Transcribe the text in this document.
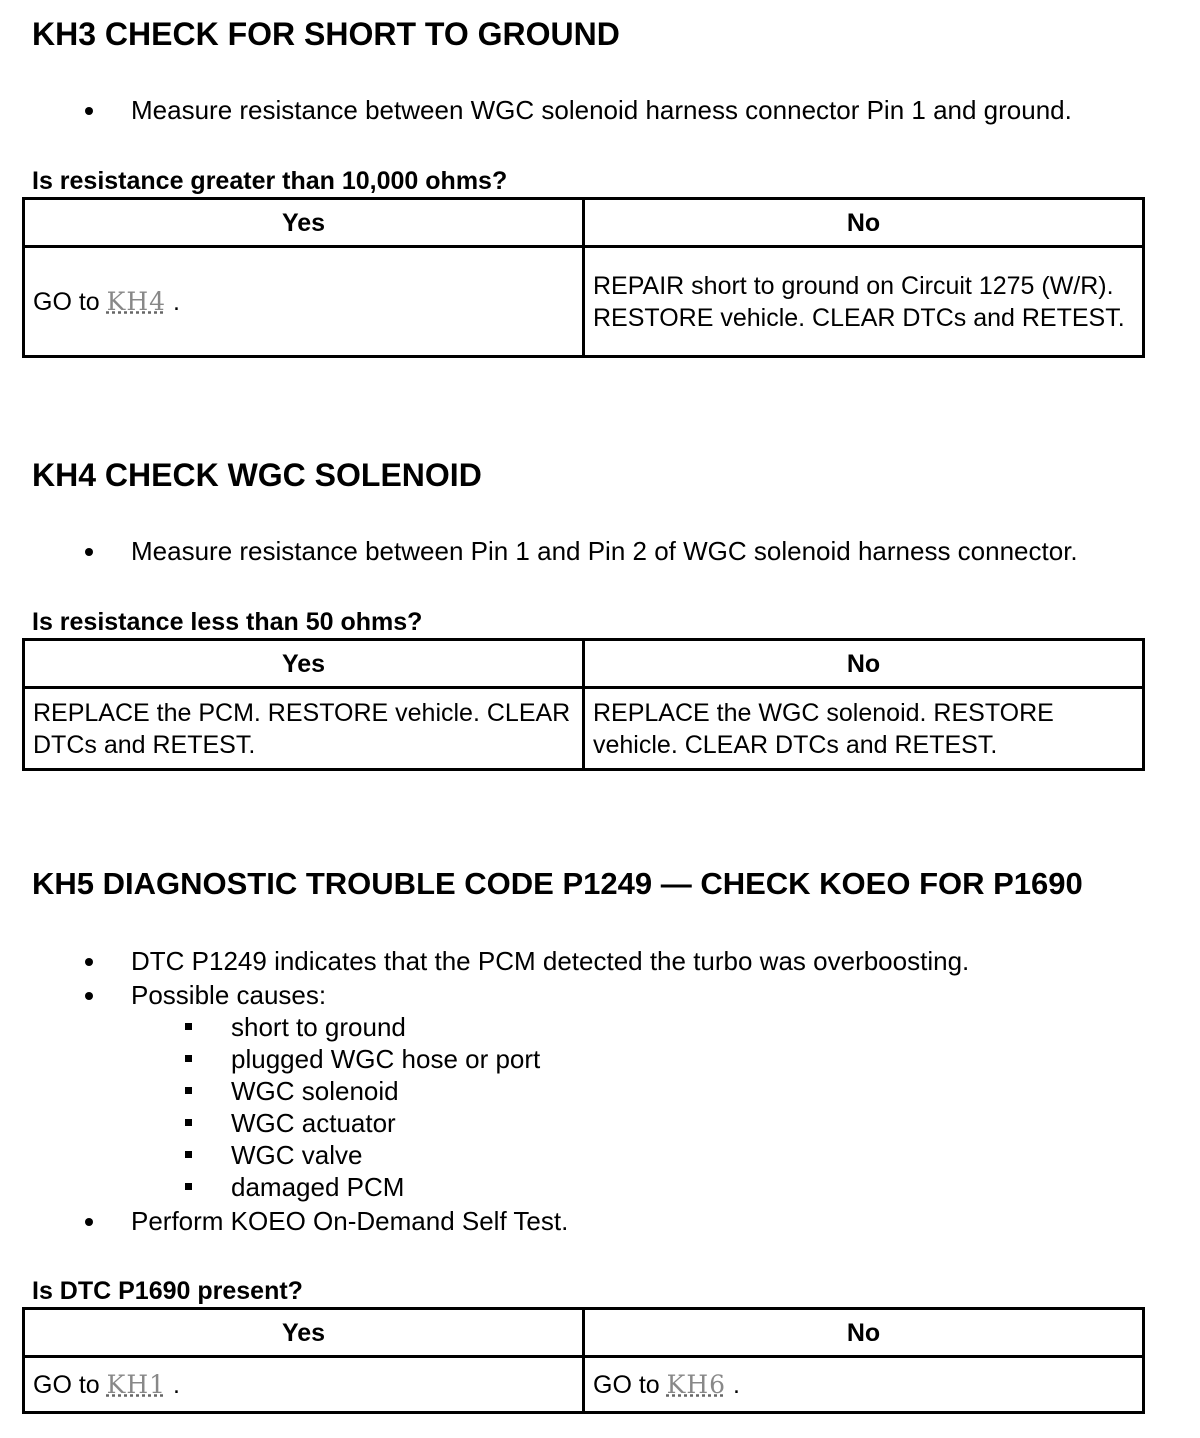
KH3 CHECK FOR SHORT TO GROUND
Measure resistance between WGC solenoid harness connector Pin 1 and ground.
Is resistance greater than 10,000 ohms?
Yes	No
GO to KH4 .	REPAIR short to ground on Circuit 1275 (W/R). RESTORE vehicle. CLEAR DTCs and RETEST.
KH4 CHECK WGC SOLENOID
Measure resistance between Pin 1 and Pin 2 of WGC solenoid harness connector.
Is resistance less than 50 ohms?
Yes	No
REPLACE the PCM. RESTORE vehicle. CLEAR DTCs and RETEST.	REPLACE the WGC solenoid. RESTORE vehicle. CLEAR DTCs and RETEST.
KH5 DIAGNOSTIC TROUBLE CODE P1249 — CHECK KOEO FOR P1690
DTC P1249 indicates that the PCM detected the turbo was overboosting.
Possible causes:
short to ground
plugged WGC hose or port
WGC solenoid
WGC actuator
WGC valve
damaged PCM
Perform KOEO On-Demand Self Test.
Is DTC P1690 present?
Yes	No
GO to KH1 .	GO to KH6 .
